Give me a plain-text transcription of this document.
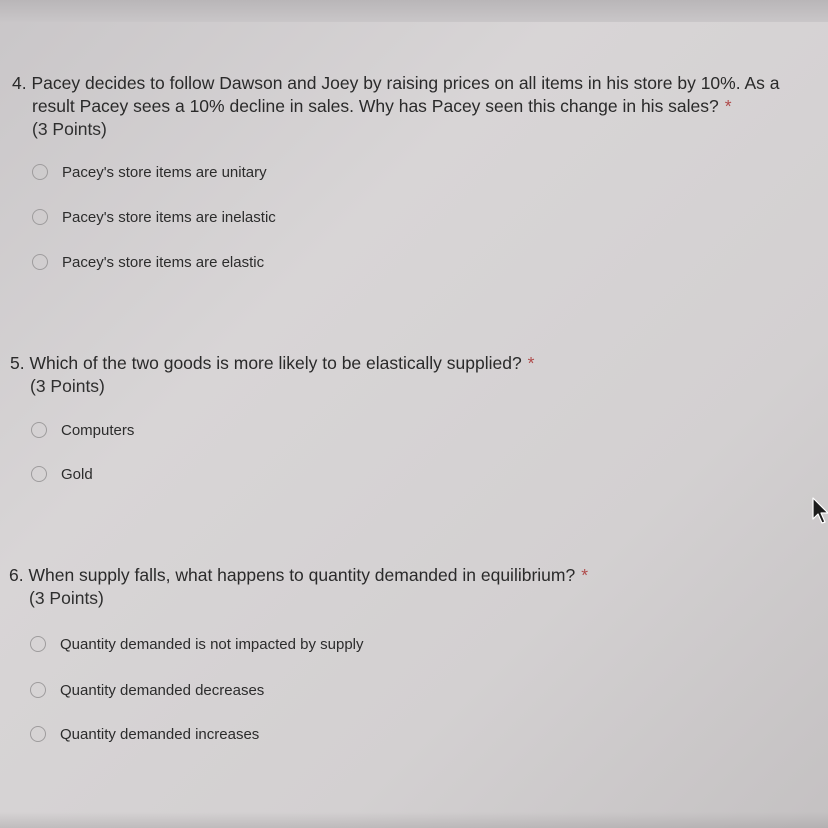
4. Pacey decides to follow Dawson and Joey by raising prices on all items in his store by 10%. As a
result Pacey sees a 10% decline in sales. Why has Pacey seen this change in his sales? *
(3 Points)
Pacey's store items are unitary
Pacey's store items are inelastic
Pacey's store items are elastic
5. Which of the two goods is more likely to be elastically supplied? *
(3 Points)
Computers
Gold
6. When supply falls, what happens to quantity demanded in equilibrium? *
(3 Points)
Quantity demanded is not impacted by supply
Quantity demanded decreases
Quantity demanded increases
